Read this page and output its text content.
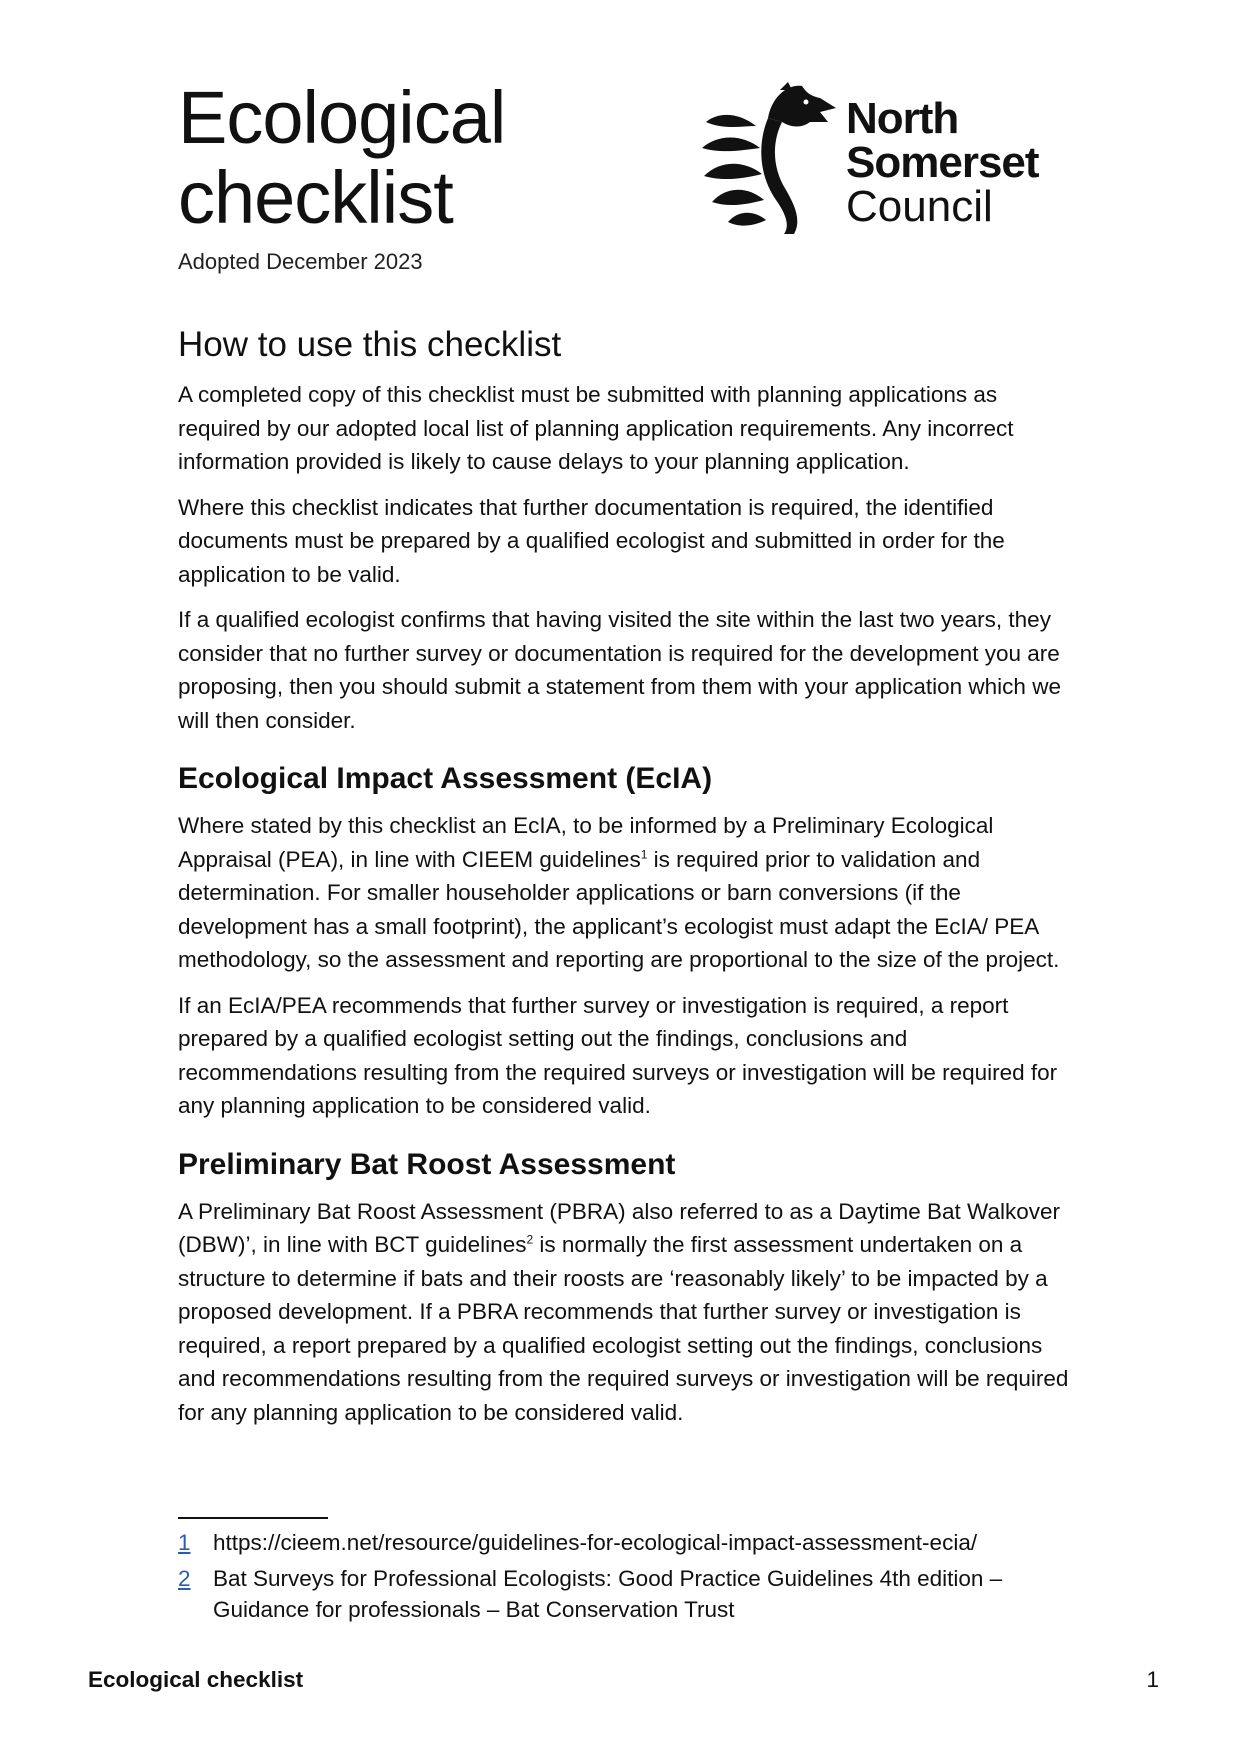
Ecological
checklist
Adopted December 2023
North
Somerset
Council
How to use this checklist

A completed copy of this checklist must be submitted with planning applications as required by our adopted local list of planning application requirements. Any incorrect information provided is likely to cause delays to your planning application.

Where this checklist indicates that further documentation is required, the identified documents must be prepared by a qualified ecologist and submitted in order for the application to be valid.

If a qualified ecologist confirms that having visited the site within the last two years, they consider that no further survey or documentation is required for the development you are proposing, then you should submit a statement from them with your application which we will then consider.

Ecological Impact Assessment (EcIA)

Where stated by this checklist an EcIA, to be informed by a Preliminary Ecological Appraisal (PEA), in line with CIEEM guidelines$^1$ is required prior to validation and determination. For smaller householder applications or barn conversions (if the development has a small footprint), the applicant’s ecologist must adapt the EcIA/ PEA methodology, so the assessment and reporting are proportional to the size of the project.

If an EcIA/PEA recommends that further survey or investigation is required, a report prepared by a qualified ecologist setting out the findings, conclusions and recommendations resulting from the required surveys or investigation will be required for any planning application to be considered valid.

Preliminary Bat Roost Assessment

A Preliminary Bat Roost Assessment (PBRA) also referred to as a Daytime Bat Walkover (DBW)’, in line with BCT guidelines$^2$ is normally the first assessment undertaken on a structure to determine if bats and their roosts are ‘reasonably likely’ to be impacted by a proposed development. If a PBRA recommends that further survey or investigation is required, a report prepared by a qualified ecologist setting out the findings, conclusions and recommendations resulting from the required surveys or investigation will be required for any planning application to be considered valid.

1 https://cieem.net/resource/guidelines-for-ecological-impact-assessment-ecia/
2 Bat Surveys for Professional Ecologists: Good Practice Guidelines 4th edition – Guidance for professionals – Bat Conservation Trust
Ecological checklist	1
